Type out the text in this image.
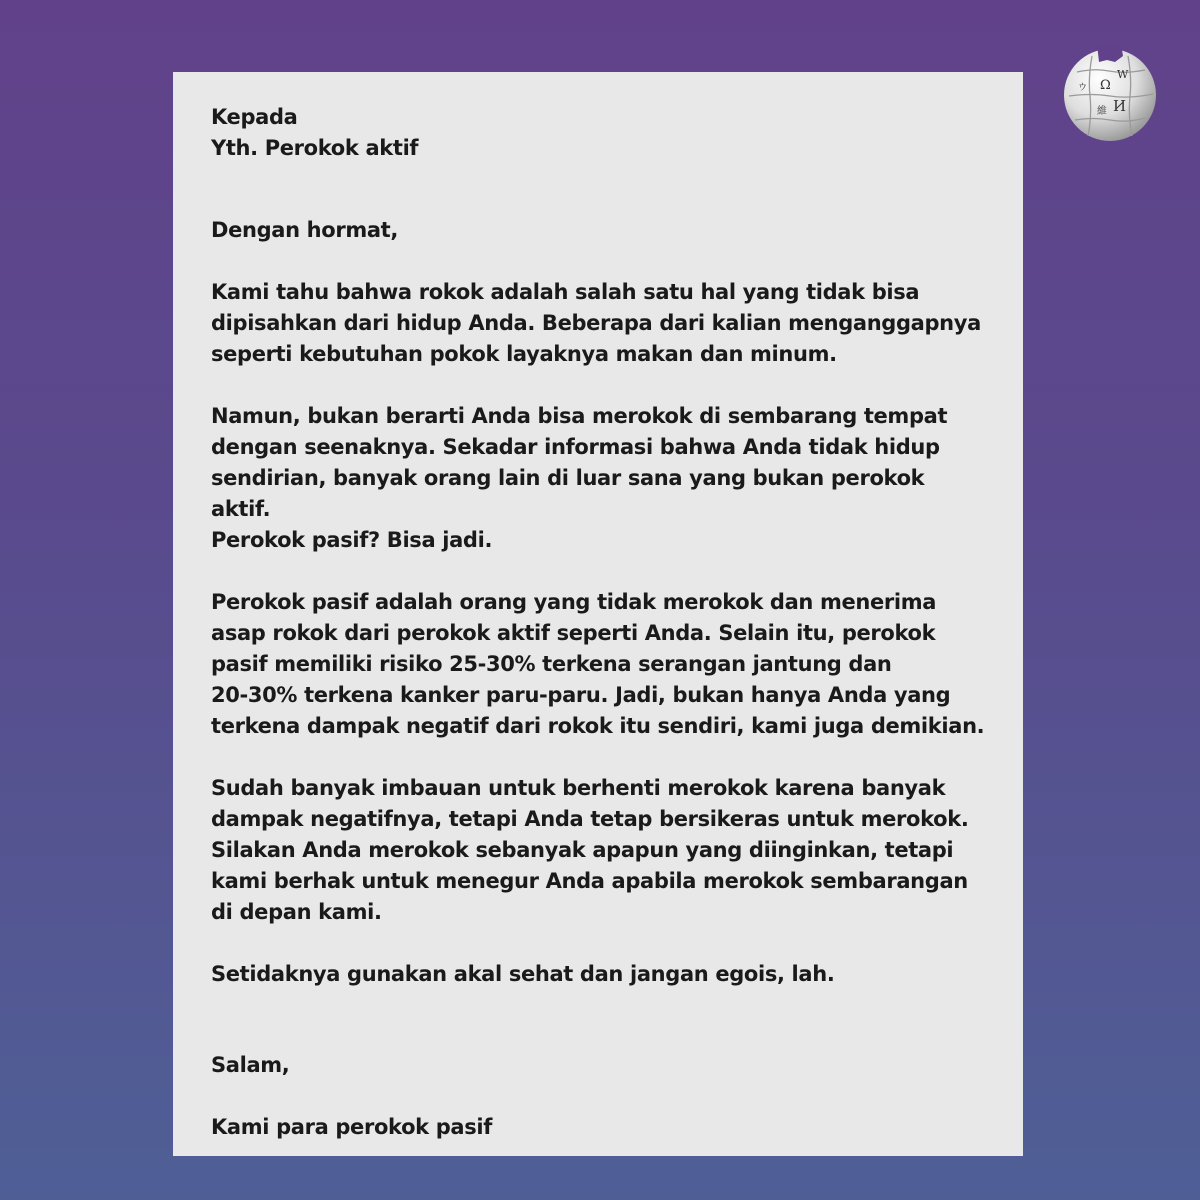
Kepada

Yth. Perokok aktif

Dengan hormat,

Kami tahu bahwa rokok adalah salah satu hal yang tidak bisa

dipisahkan dari hidup Anda. Beberapa dari kalian menganggapnya

seperti kebutuhan pokok layaknya makan dan minum.

Namun, bukan berarti Anda bisa merokok di sembarang tempat

dengan seenaknya. Sekadar informasi bahwa Anda tidak hidup

sendirian, banyak orang lain di luar sana yang bukan perokok aktif.

Perokok pasif? Bisa jadi.

Perokok pasif adalah orang yang tidak merokok dan menerima

asap rokok dari perokok aktif seperti Anda. Selain itu, perokok

pasif memiliki risiko 25-30% terkena serangan jantung dan

20-30% terkena kanker paru-paru. Jadi, bukan hanya Anda yang

terkena dampak negatif dari rokok itu sendiri, kami juga demikian.

Sudah banyak imbauan untuk berhenti merokok karena banyak

dampak negatifnya, tetapi Anda tetap bersikeras untuk merokok.

Silakan Anda merokok sebanyak apapun yang diinginkan, tetapi

kami berhak untuk menegur Anda apabila merokok sembarangan

di depan kami.

Setidaknya gunakan akal sehat dan jangan egois, lah.

Salam,

Kami para perokok pasif

Ω
W
И
維
ウ
